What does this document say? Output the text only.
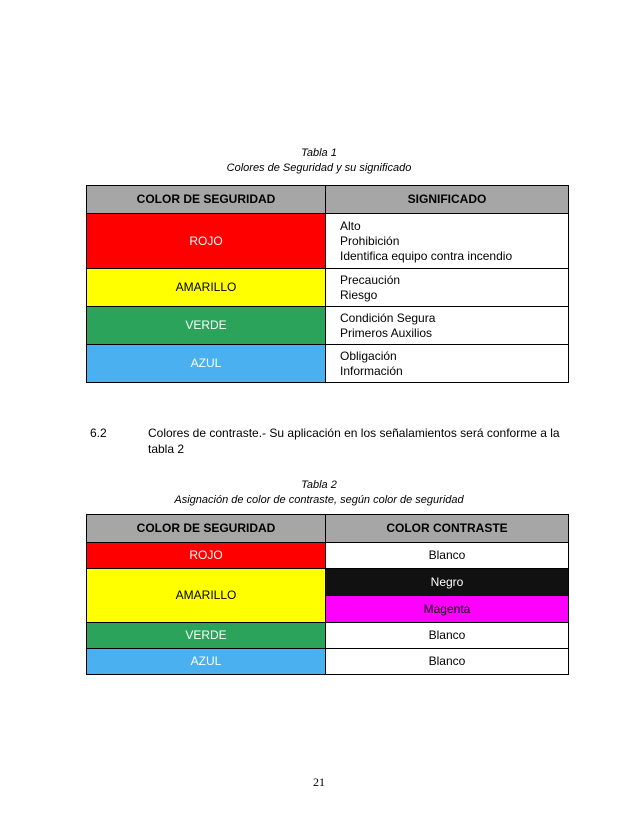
Tabla 1
Colores de Seguridad y su significado
COLOR DE SEGURIDAD	SIGNIFICADO
ROJO	Alto
Prohibición
Identifica equipo contra incendio

AMARILLO	Precaución
Riesgo

VERDE	Condición Segura
Primeros Auxilios

AZUL	Obligación
Información
6.2	Colores de contraste.- Su aplicación en los señalamientos será conforme a la
tabla 2
Tabla 2
Asignación de color de contraste, según color de seguridad
COLOR DE SEGURIDAD	COLOR CONTRASTE
ROJO	Blanco
AMARILLO	Negro
	Magenta
VERDE	Blanco
AZUL	Blanco
21
